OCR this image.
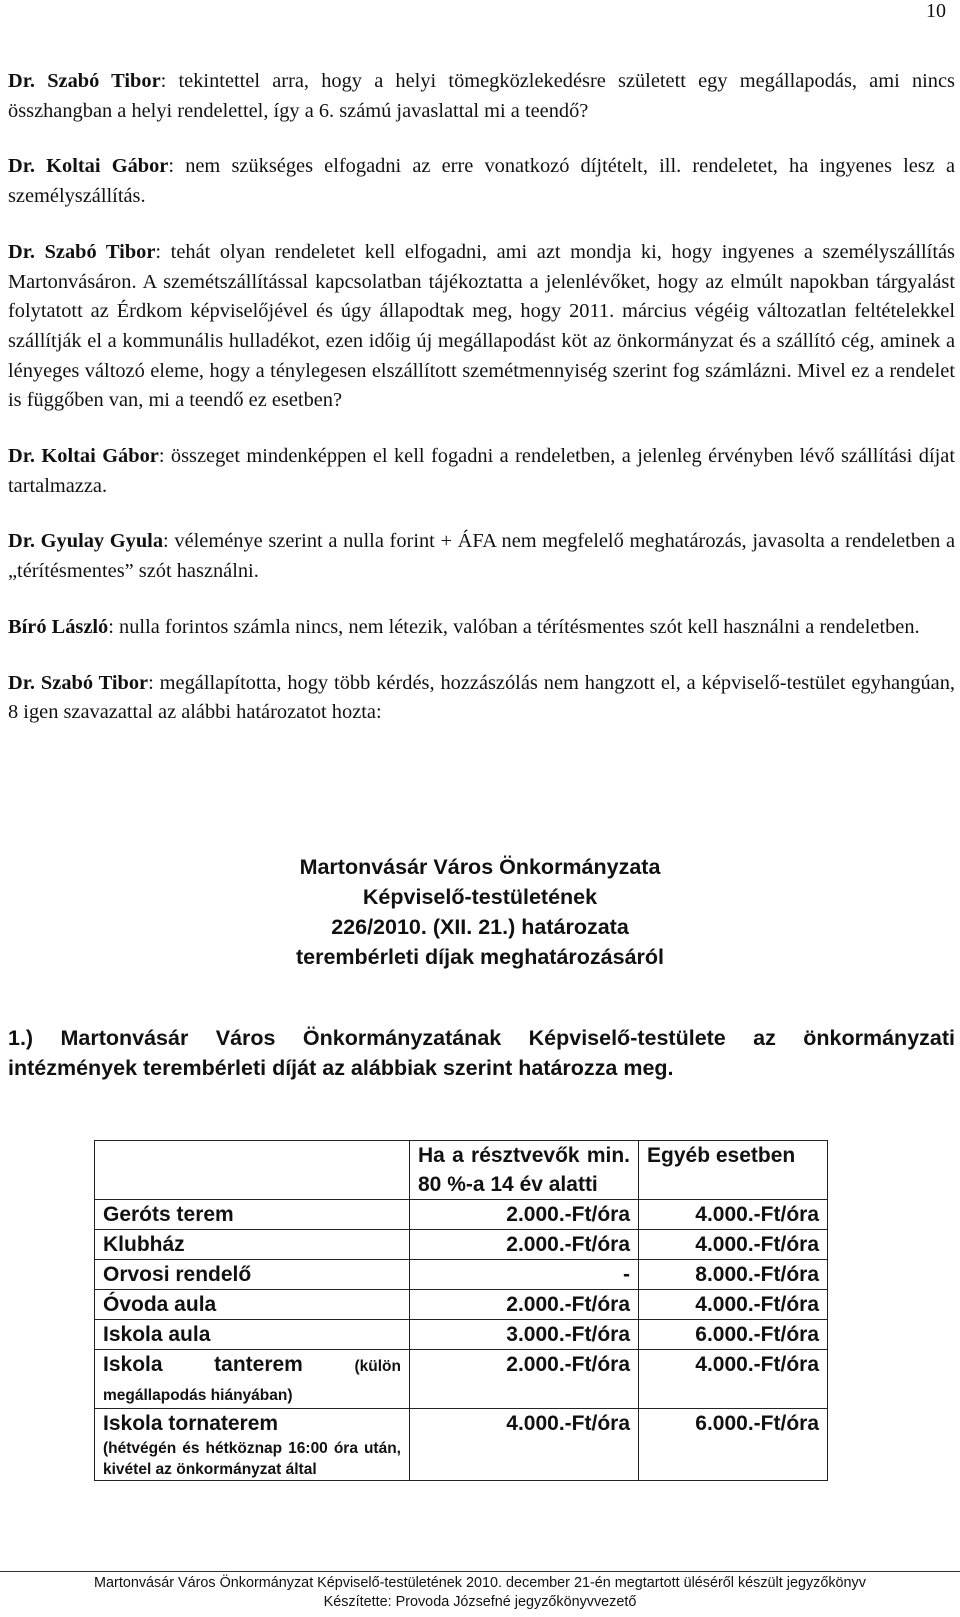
10

Dr. Szabó Tibor: tekintettel arra, hogy a helyi tömegközlekedésre született egy megállapodás, ami nincs összhangban a helyi rendelettel, így a 6. számú javaslattal mi a teendő?

Dr. Koltai Gábor: nem szükséges elfogadni az erre vonatkozó díjtételt, ill. rendeletet, ha ingyenes lesz a személyszállítás.

Dr. Szabó Tibor: tehát olyan rendeletet kell elfogadni, ami azt mondja ki, hogy ingyenes a személyszállítás Martonvásáron. A szemétszállítással kapcsolatban tájékoztatta a jelenlévőket, hogy az elmúlt napokban tárgyalást folytatott az Érdkom képviselőjével és úgy állapodtak meg, hogy 2011. március végéig változatlan feltételekkel szállítják el a kommunális hulladékot, ezen időig új megállapodást köt az önkormányzat és a szállító cég, aminek a lényeges változó eleme, hogy a ténylegesen elszállított szemétmennyiség szerint fog számlázni. Mivel ez a rendelet is függőben van, mi a teendő ez esetben?

Dr. Koltai Gábor: összeget mindenképpen el kell fogadni a rendeletben, a jelenleg érvényben lévő szállítási díjat tartalmazza.

Dr. Gyulay Gyula: véleménye szerint a nulla forint + ÁFA nem megfelelő meghatározás, javasolta a rendeletben a „térítésmentes” szót használni.

Bíró László: nulla forintos számla nincs, nem létezik, valóban a térítésmentes szót kell használni a rendeletben.

Dr. Szabó Tibor: megállapította, hogy több kérdés, hozzászólás nem hangzott el, a képviselő-testület egyhangúan, 8 igen szavazattal az alábbi határozatot hozta:

Martonvásár Város Önkormányzata
Képviselő-testületének
226/2010. (XII. 21.) határozata
terembérleti díjak meghatározásáról
1.) Martonvásár Város Önkormányzatának Képviselő-testülete az önkormányzati intézmények terembérleti díját az alábbiak szerint határozza meg.
	Ha a résztvevők min. 80 %-a 14 év alatti	Egyéb esetben
Geróts terem	2.000.-Ft/óra	4.000.-Ft/óra
Klubház	2.000.-Ft/óra	4.000.-Ft/óra
Orvosi rendelő	-	8.000.-Ft/óra
Óvoda aula	2.000.-Ft/óra	4.000.-Ft/óra
Iskola aula	3.000.-Ft/óra	6.000.-Ft/óra

Iskola tanterem (külön megállapodás hiányában)	2.000.-Ft/óra	4.000.-Ft/óra

Iskola tornaterem
(hétvégén és hétköznap 16:00 óra után, kivétel az önkormányzat által	4.000.-Ft/óra	6.000.-Ft/óra
Martonvásár Város Önkormányzat Képviselő-testületének 2010. december 21-én megtartott üléséről készült jegyzőkönyv
Készítette: Provoda Józsefné jegyzőkönyvvezető
